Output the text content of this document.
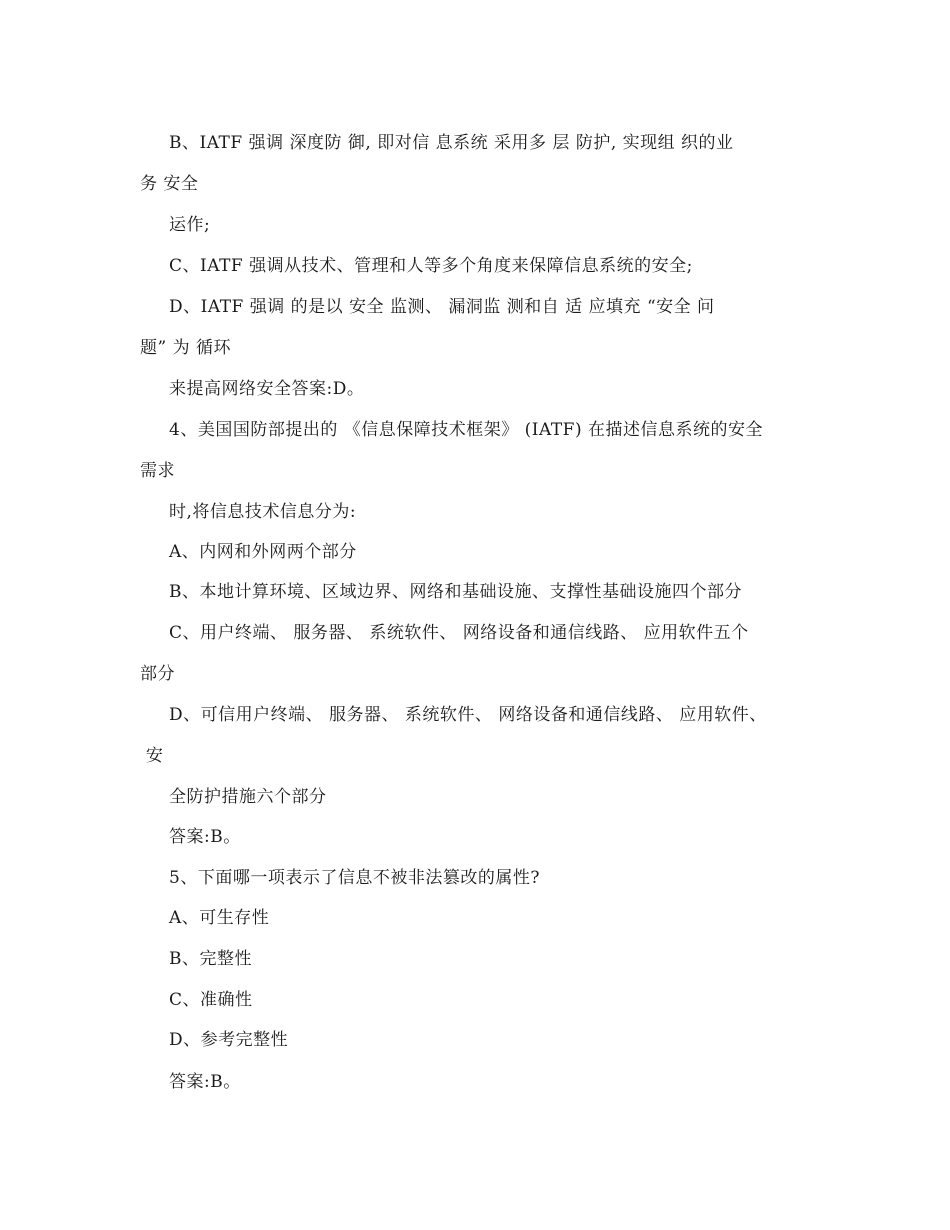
B、IATF 强调 深度防 御, 即对信 息系统 采用多 层 防护, 实现组 织的业
务 安全
运作;
C、IATF 强调从技术、管理和人等多个角度来保障信息系统的安全;
D、IATF 强调 的是以 安全 监测、 漏洞监 测和自 适 应填充 “安全 问
题” 为 循环
来提高网络安全答案:D。
4、美国国防部提出的 《信息保障技术框架》 (IATF) 在描述信息系统的安全
需求
时,将信息技术信息分为:
A、内网和外网两个部分
B、本地计算环境、区域边界、网络和基础设施、支撑性基础设施四个部分
C、用户终端、 服务器、 系统软件、 网络设备和通信线路、 应用软件五个
部分
D、可信用户终端、 服务器、 系统软件、 网络设备和通信线路、 应用软件、
安
全防护措施六个部分
答案:B。
5、下面哪一项表示了信息不被非法篡改的属性?
A、可生存性
B、完整性
C、准确性
D、参考完整性
答案:B。
